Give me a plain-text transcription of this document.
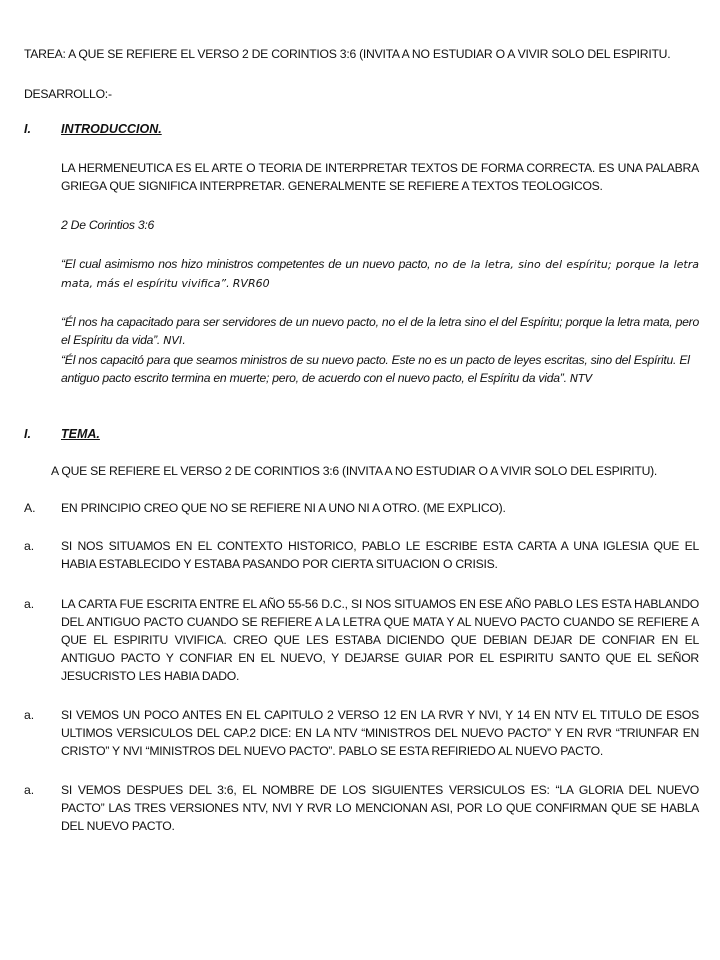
TAREA: A QUE SE REFIERE EL VERSO 2 DE CORINTIOS 3:6 (INVITA A NO ESTUDIAR O A VIVIR SOLO DEL ESPIRITU.
DESARROLLO:-
I. INTRODUCCION.
LA HERMENEUTICA ES EL ARTE O TEORIA DE INTERPRETAR TEXTOS DE FORMA CORRECTA. ES UNA PALABRA GRIEGA QUE SIGNIFICA INTERPRETAR. GENERALMENTE SE REFIERE A TEXTOS TEOLOGICOS.
2 De Corintios 3:6
“El cual asimismo nos hizo ministros competentes de un nuevo pacto, no de la letra, sino del espíritu; porque la letra mata, más el espíritu vivifica”. RVR60
“Él nos ha capacitado para ser servidores de un nuevo pacto, no el de la letra sino el del Espíritu; porque la letra mata, pero el Espíritu da vida”. NVI.
“Él nos capacitó para que seamos ministros de su nuevo pacto. Este no es un pacto de leyes escritas, sino del Espíritu. El antiguo pacto escrito termina en muerte; pero, de acuerdo con el nuevo pacto, el Espíritu da vida”. NTV
I. TEMA.
A QUE SE REFIERE EL VERSO 2 DE CORINTIOS 3:6 (INVITA A NO ESTUDIAR O A VIVIR SOLO DEL ESPIRITU).
A. EN PRINCIPIO CREO QUE NO SE REFIERE NI A UNO NI A OTRO. (ME EXPLICO).
a. SI NOS SITUAMOS EN EL CONTEXTO HISTORICO, PABLO LE ESCRIBE ESTA CARTA A UNA IGLESIA QUE EL HABIA ESTABLECIDO Y ESTABA PASANDO POR CIERTA SITUACION O CRISIS.
a. LA CARTA FUE ESCRITA ENTRE EL AÑO 55-56 D.C., SI NOS SITUAMOS EN ESE AÑO PABLO LES ESTA HABLANDO DEL ANTIGUO PACTO CUANDO SE REFIERE A LA LETRA QUE MATA Y AL NUEVO PACTO CUANDO SE REFIERE A QUE EL ESPIRITU VIVIFICA. CREO QUE LES ESTABA DICIENDO QUE DEBIAN DEJAR DE CONFIAR EN EL ANTIGUO PACTO Y CONFIAR EN EL NUEVO, Y DEJARSE GUIAR POR EL ESPIRITU SANTO QUE EL SEÑOR JESUCRISTO LES HABIA DADO.
a. SI VEMOS UN POCO ANTES EN EL CAPITULO 2 VERSO 12 EN LA RVR Y NVI, Y 14 EN NTV EL TITULO DE ESOS ULTIMOS VERSICULOS DEL CAP.2 DICE: EN LA NTV “MINISTROS DEL NUEVO PACTO” Y EN RVR “TRIUNFAR EN CRISTO” Y NVI “MINISTROS DEL NUEVO PACTO”. PABLO SE ESTA REFIRIEDO AL NUEVO PACTO.
a. SI VEMOS DESPUES DEL 3:6, EL NOMBRE DE LOS SIGUIENTES VERSICULOS ES: “LA GLORIA DEL NUEVO PACTO” LAS TRES VERSIONES NTV, NVI Y RVR LO MENCIONAN ASI, POR LO QUE CONFIRMAN QUE SE HABLA DEL NUEVO PACTO.
